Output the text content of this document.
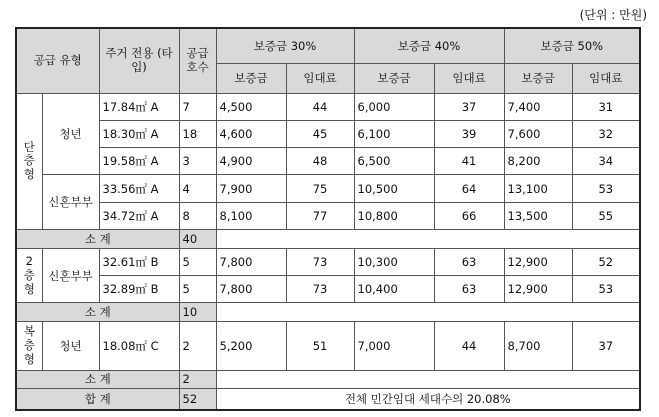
(단위 : 만원)
공급 유형		주거 전용 (타입)	공급 호수	보증금 30%		보증금 40%		보증금 50%	
				보증금	임대료	보증금	임대료	보증금	임대료
단 층 형	청년	17.84㎡ A	7	4,500	44	6,000	37	7,400	31
		18.30㎡ A	18	4,600	45	6,100	39	7,600	32
		19.58㎡ A	3	4,900	48	6,500	41	8,200	34
	신혼부부	33.56㎡ A	4	7,900	75	10,500	64	13,100	53
		34.72㎡ A	8	8,100	77	10,800	66	13,500	55
소 계			40						
2 층 형	신혼부부	32.61㎡ B	5	7,800	73	10,300	63	12,900	52
		32.89㎡ B	5	7,800	73	10,400	63	12,900	53
소 계			10						
복 층 형	청년	18.08㎡ C	2	5,200	51	7,000	44	8,700	37
소 계			2						
합 계			52	전체 민간임대 세대수의 20.08%					
